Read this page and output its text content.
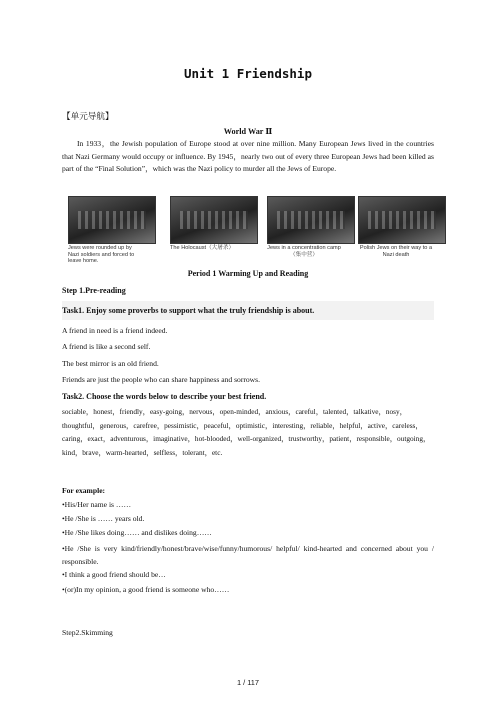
Unit 1 Friendship
【单元导航】
World War Ⅱ
In 1933，the Jewish population of Europe stood at over nine million. Many European Jews lived in the countries that Nazi Germany would occupy or influence. By 1945，nearly two out of every three European Jews had been killed as part of the “Final Solution”，which was the Nazi policy to murder all the Jews of Europe.
Jews were rounded up by Nazi soldiers and forced to leave home.
The Holocaust（大屠杀）	Jews in a concentration camp（集中营）
Polish Jews on their way to a Nazi death
Period 1 Warming Up and Reading
Step 1.Pre-reading
Task1. Enjoy some proverbs to support what the truly friendship is about.
A friend in need is a friend indeed.
A friend is like a second self.
The best mirror is an old friend.
Friends are just the people who can share happiness and sorrows.
Task2. Choose the words below to describe your best friend.
sociable，honest，friendly，easy-going，nervous，open-minded，anxious，careful，talented，talkative，nosy，thoughtful，generous，carefree，pessimistic，peaceful，optimistic，interesting，reliable，helpful，active，careless，caring，exact，adventurous，imaginative，hot-blooded，well-organized，trustworthy，patient，responsible，outgoing，kind，brave，warm-hearted，selfless，tolerant，etc.
For example:
•His/Her name is ……
•He /She is …… years old.
•He /She likes doing…… and dislikes doing……
•He /She is very kind/friendly/honest/brave/wise/funny/humorous/ helpful/ kind-hearted and concerned about you / responsible.
•I think a good friend should be…
•(or)In my opinion, a good friend is someone who……
Step2.Skimming
1 / 117
